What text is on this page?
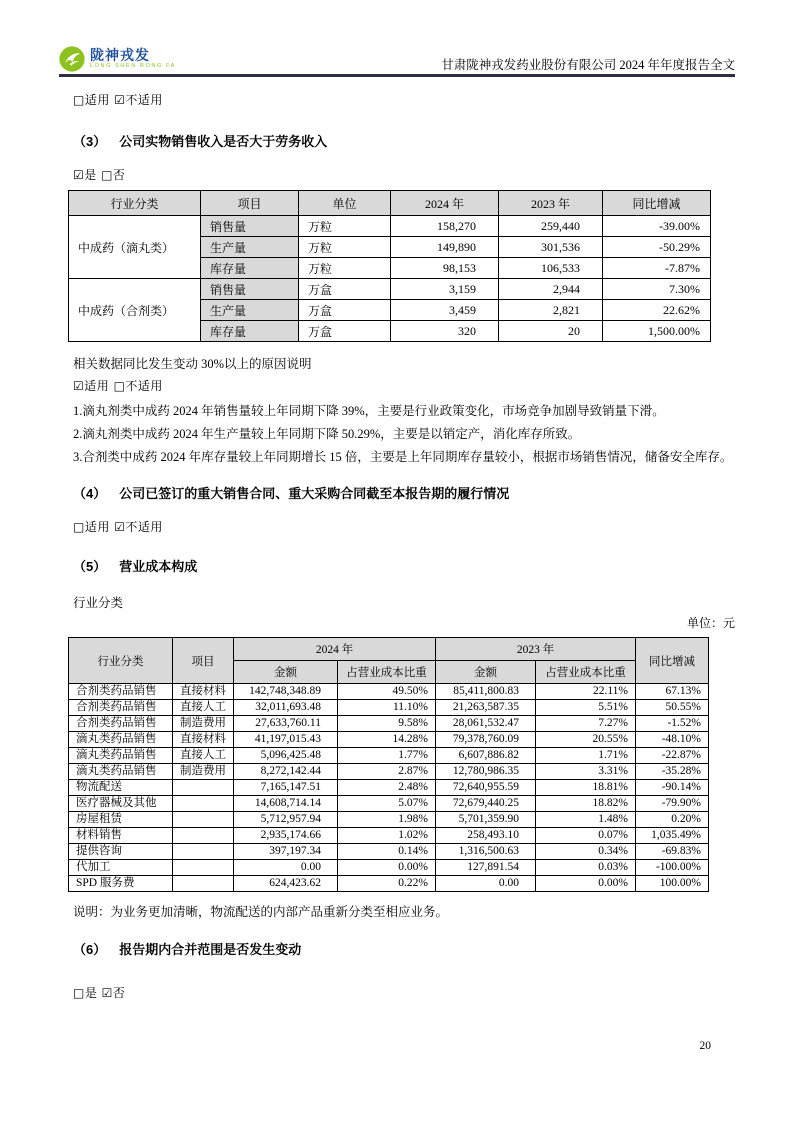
陇神戎发
LONG SHEN RONG FA	甘肃陇神戎发药业股份有限公司 2024 年年度报告全文
□适用 ☑不适用
（3） 公司实物销售收入是否大于劳务收入
☑是 □否
行业分类	项目	单位	2024 年	2023 年	同比增减
中成药（滴丸类）	销售量	万粒	158,270	259,440	-39.00%
	生产量	万粒	149,890	301,536	-50.29%
	库存量	万粒	98,153	106,533	-7.87%
中成药（合剂类）	销售量	万盒	3,159	2,944	7.30%
	生产量	万盒	3,459	2,821	22.62%
	库存量	万盒	320	20	1,500.00%
相关数据同比发生变动 30%以上的原因说明
☑适用 □不适用
1.滴丸剂类中成药 2024 年销售量较上年同期下降 39%，主要是行业政策变化，市场竞争加剧导致销量下滑。
2.滴丸剂类中成药 2024 年生产量较上年同期下降 50.29%，主要是以销定产，消化库存所致。
3.合剂类中成药 2024 年库存量较上年同期增长 15 倍，主要是上年同期库存量较小，根据市场销售情况，储备安全库存。
（4） 公司已签订的重大销售合同、重大采购合同截至本报告期的履行情况
□适用 ☑不适用
（5） 营业成本构成
行业分类
单位：元
行业分类	项目	2024 年		2023 年		同比增减
		金额	占营业成本比重	金额	占营业成本比重	
合剂类药品销售	直接材料	142,748,348.89	49.50%	85,411,800.83	22.11%	67.13%
合剂类药品销售	直接人工	32,011,693.48	11.10%	21,263,587.35	5.51%	50.55%
合剂类药品销售	制造费用	27,633,760.11	9.58%	28,061,532.47	7.27%	-1.52%
滴丸类药品销售	直接材料	41,197,015.43	14.28%	79,378,760.09	20.55%	-48.10%
滴丸类药品销售	直接人工	5,096,425.48	1.77%	6,607,886.82	1.71%	-22.87%
滴丸类药品销售	制造费用	8,272,142.44	2.87%	12,780,986.35	3.31%	-35.28%
物流配送		7,165,147.51	2.48%	72,640,955.59	18.81%	-90.14%
医疗器械及其他		14,608,714.14	5.07%	72,679,440.25	18.82%	-79.90%
房屋租赁		5,712,957.94	1.98%	5,701,359.90	1.48%	0.20%
材料销售		2,935,174.66	1.02%	258,493.10	0.07%	1,035.49%
提供咨询		397,197.34	0.14%	1,316,500.63	0.34%	-69.83%
代加工		0.00	0.00%	127,891.54	0.03%	-100.00%
SPD 服务费		624,423.62	0.22%	0.00	0.00%	100.00%
说明：为业务更加清晰，物流配送的内部产品重新分类至相应业务。
（6） 报告期内合并范围是否发生变动
□是 ☑否
20
